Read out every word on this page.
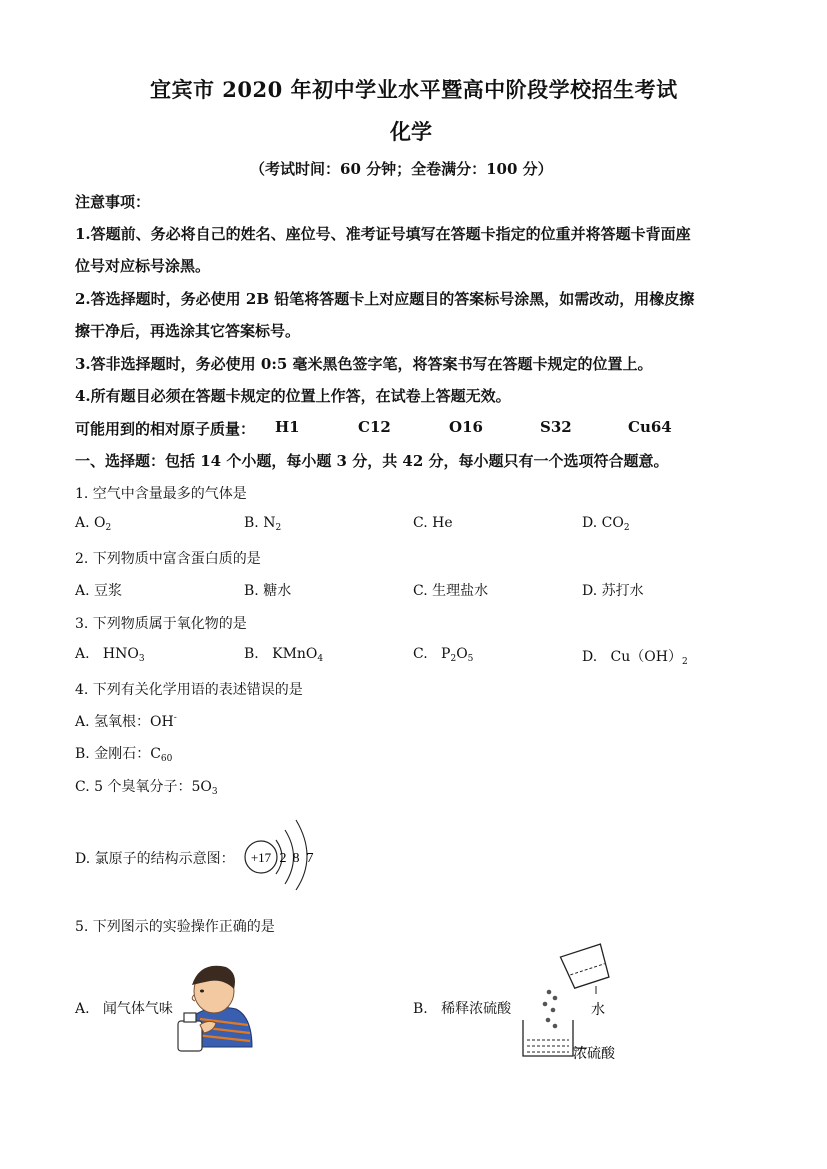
宜宾市 2020 年初中学业水平暨高中阶段学校招生考试
化学
（考试时间：60 分钟；全卷满分：100 分）
注意事项：
1.答题前、务必将自己的姓名、座位号、准考证号填写在答题卡指定的位重并将答题卡背面座
位号对应标号涂黑。
2.答选择题时，务必使用 2B 铅笔将答题卡上对应题目的答案标号涂黑，如需改动，用橡皮擦
擦干净后，再选涂其它答案标号。
3.答非选择题时，务必使用 0:5 毫米黑色签字笔，将答案书写在答题卡规定的位置上。
4.所有题目必须在答题卡规定的位置上作答，在试卷上答题无效。
可能用到的相对原子质量： H1	C12	O16	S32	Cu64
一、选择题：包括 14 个小题，每小题 3 分，共 42 分，每小题只有一个选项符合题意。
1. 空气中含量最多的气体是
A. $O_2$	B. $N_2$	C. He	D. $CO_2$
2. 下列物质中富含蛋白质的是
A. 豆浆	B. 糖水	C. 生理盐水	D. 苏打水
3. 下列物质属于氧化物的是
A. $HNO_3$	B. KMnO$_4$	C. $P_2O_5$	D. $Cu(OH)_2$
4. 下列有关化学用语的表述错误的是
A. 氢氧根：OH-
B. 金刚石：$C_{60}$
C. 5 个臭氧分子：$5O_3$
D. 氯原子的结构示意图： +17 2 8 7
5. 下列图示的实验操作正确的是
A. 闻气体气味	B. 稀释浓硫酸	水
浓硫酸
